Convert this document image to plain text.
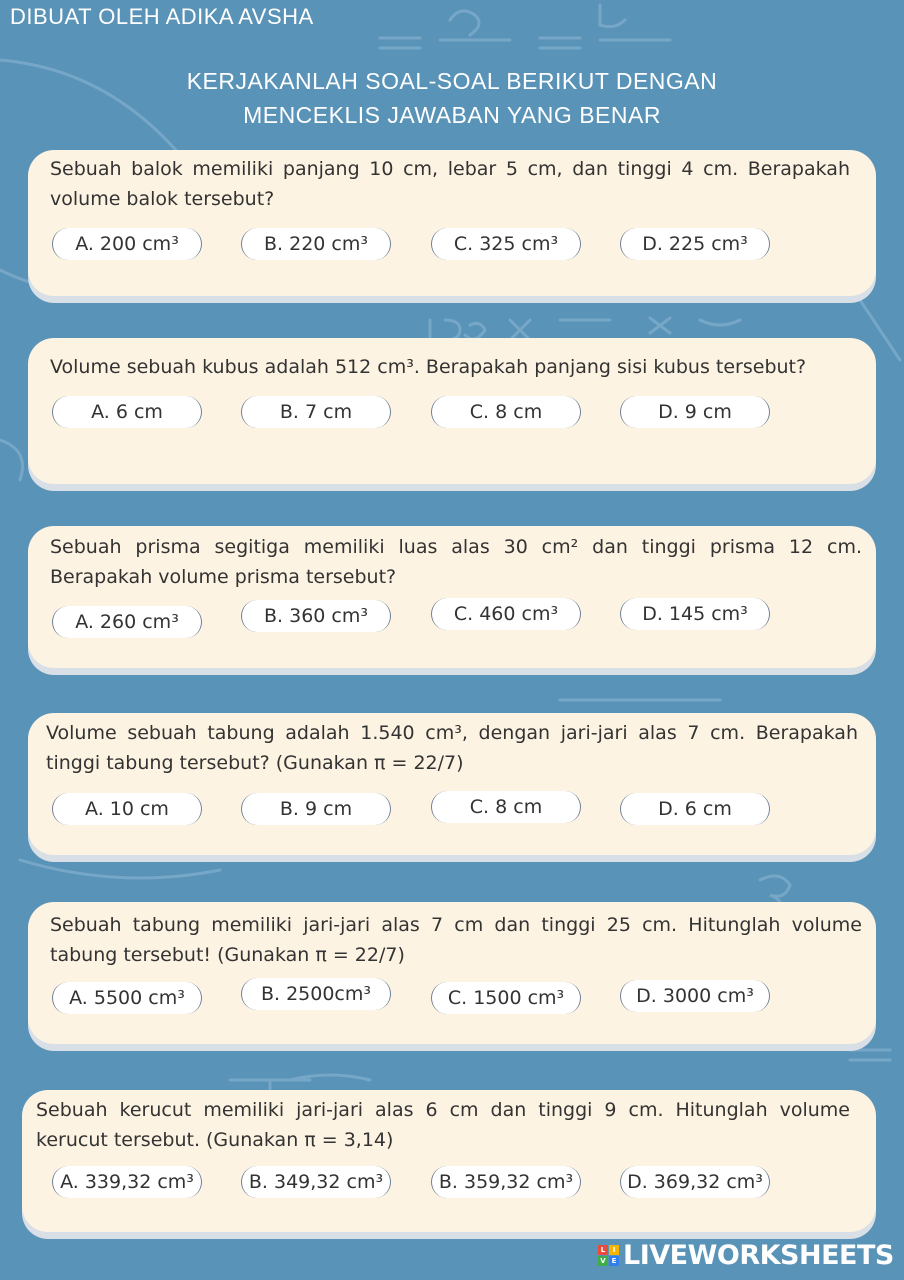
DIBUAT OLEH ADIKA AVSHA
KERJAKANLAH SOAL-SOAL BERIKUT DENGAN
MENCEKLIS JAWABAN YANG BENAR
Sebuah balok memiliki panjang 10 cm, lebar 5 cm, dan tinggi 4 cm. Berapakah volume balok tersebut?
A. 200 cm³	B. 220 cm³	C. 325 cm³	D. 225 cm³
Volume sebuah kubus adalah 512 cm³. Berapakah panjang sisi kubus tersebut?
A. 6 cm	B. 7 cm	C. 8 cm	D. 9 cm
Sebuah prisma segitiga memiliki luas alas 30 cm² dan tinggi prisma 12 cm. Berapakah volume prisma tersebut?
A. 260 cm³	B. 360 cm³	C. 460 cm³	D. 145 cm³
Volume sebuah tabung adalah 1.540 cm³, dengan jari-jari alas 7 cm. Berapakah tinggi tabung tersebut? (Gunakan π = 22/7)
A. 10 cm	B. 9 cm	C. 8 cm	D. 6 cm
Sebuah tabung memiliki jari-jari alas 7 cm dan tinggi 25 cm. Hitunglah volume tabung tersebut! (Gunakan π = 22/7)
A. 5500 cm³	B. 2500cm³	C. 1500 cm³	D. 3000 cm³
Sebuah kerucut memiliki jari-jari alas 6 cm dan tinggi 9 cm. Hitunglah volume kerucut tersebut. (Gunakan π = 3,14)
A. 339,32 cm³	B. 349,32 cm³	B. 359,32 cm³	D. 369,32 cm³
L	I
V E LIVEWORKSHEETS
